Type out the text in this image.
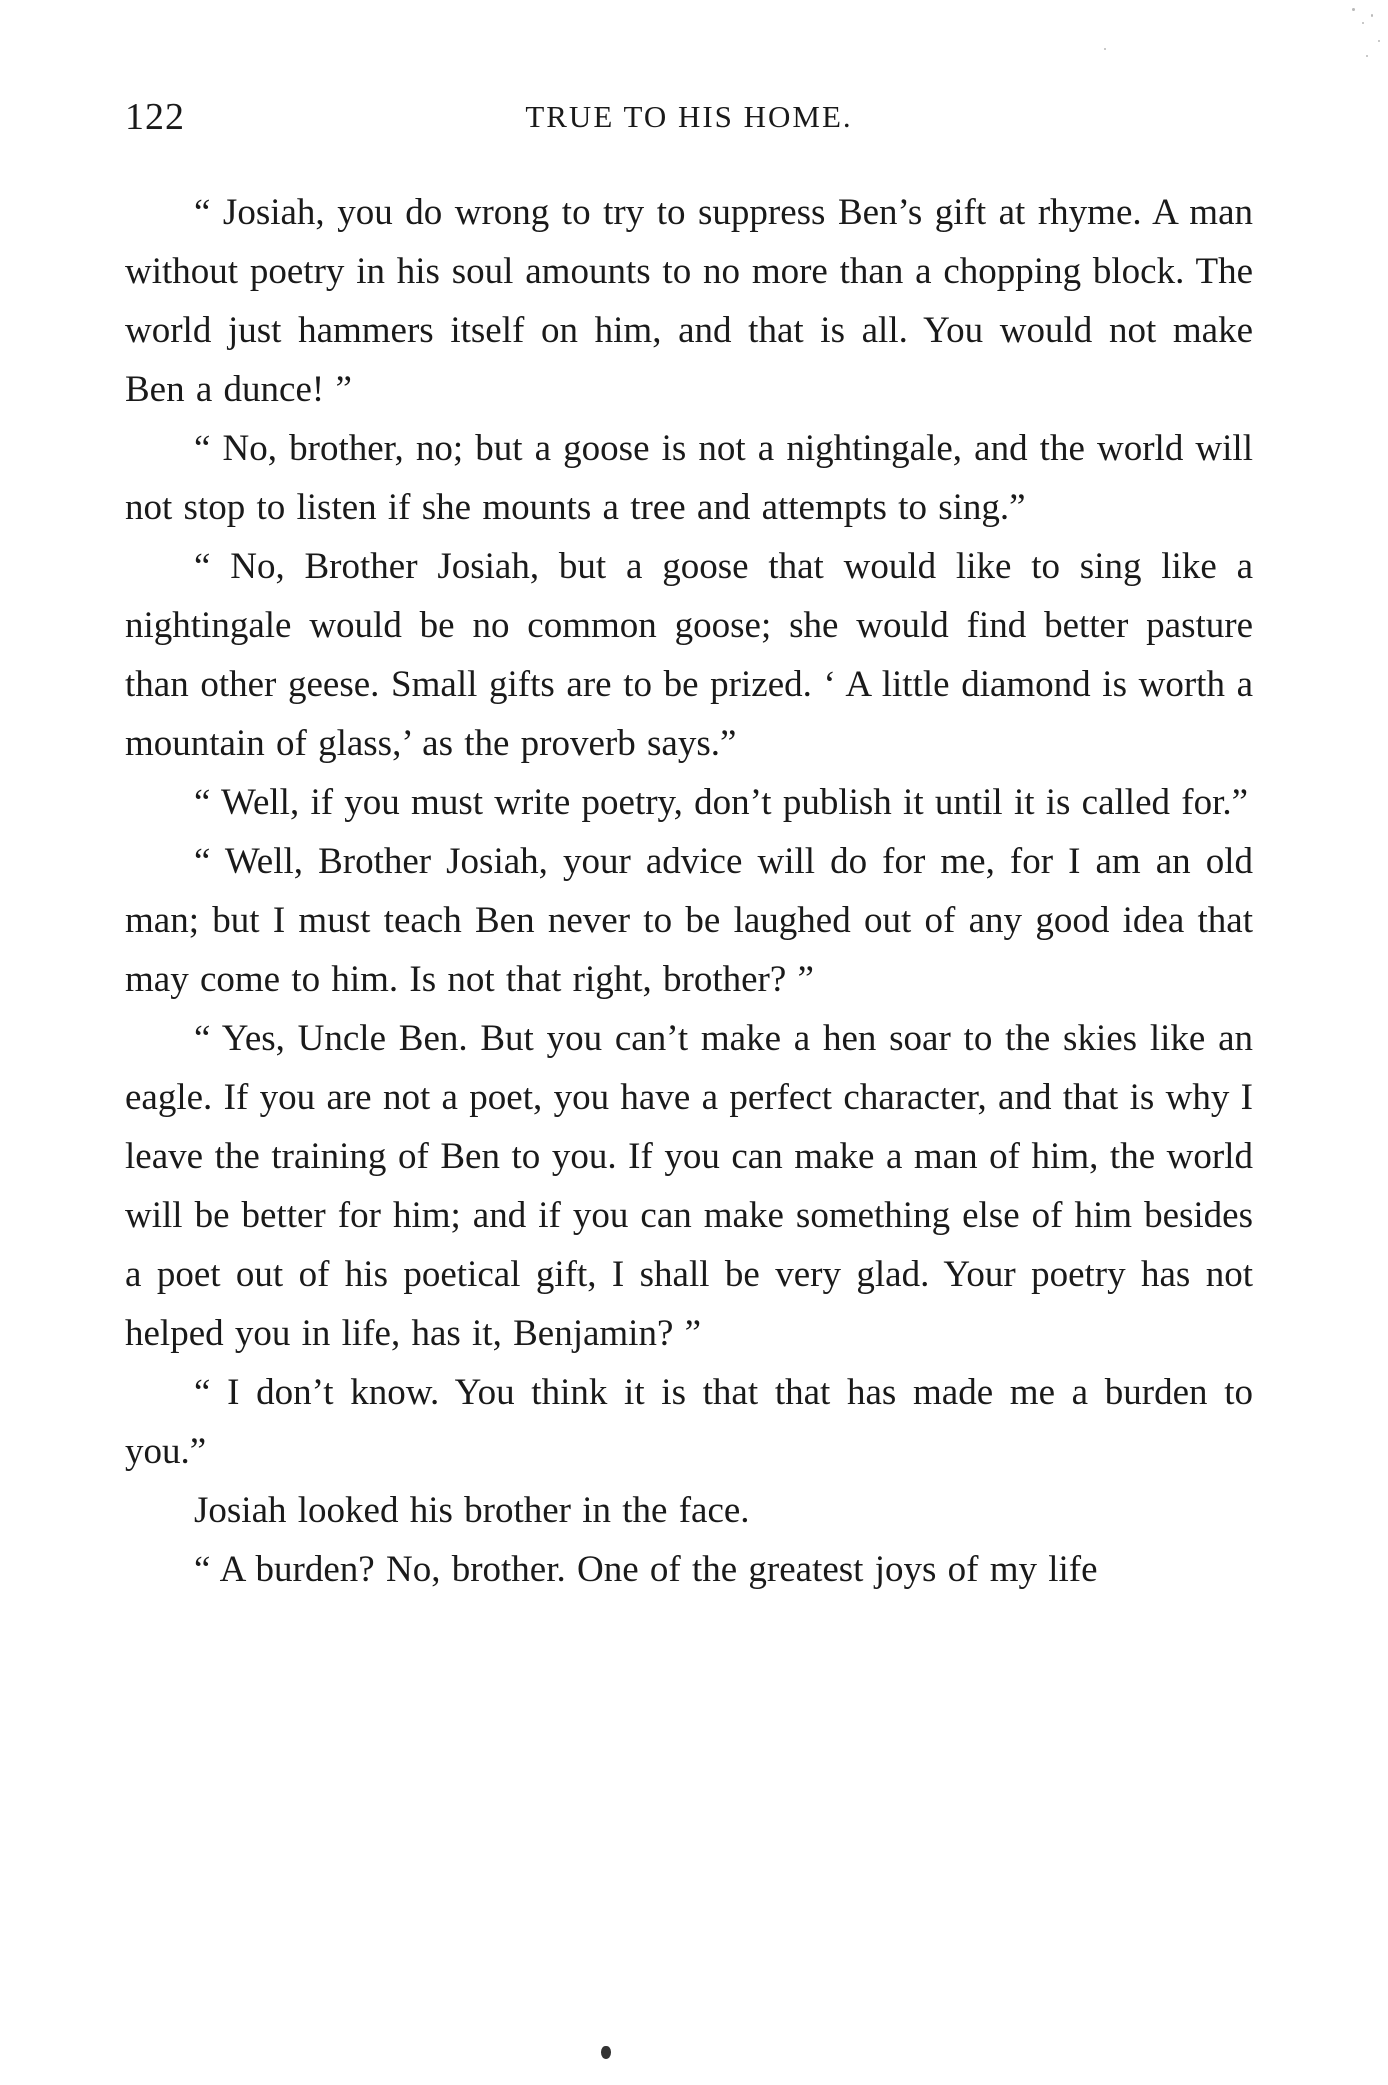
122	TRUE TO HIS HOME.

“ Josiah, you do wrong to try to suppress Ben’s gift at rhyme. A man without poetry in his soul amounts to no more than a chopping block. The world just hammers itself on him, and that is all. You would not make Ben a dunce! ”

“ No, brother, no; but a goose is not a nightingale, and the world will not stop to listen if she mounts a tree and attempts to sing.”

“ No, Brother Josiah, but a goose that would like to sing like a nightingale would be no common goose; she would find better pasture than other geese. Small gifts are to be prized. ‘ A little diamond is worth a mountain of glass,’ as the proverb says.”

“ Well, if you must write poetry, don’t publish it until it is called for.”

“ Well, Brother Josiah, your advice will do for me, for I am an old man; but I must teach Ben never to be laughed out of any good idea that may come to him. Is not that right, brother? ”

“ Yes, Uncle Ben. But you can’t make a hen soar to the skies like an eagle. If you are not a poet, you have a perfect character, and that is why I leave the training of Ben to you. If you can make a man of him, the world will be better for him; and if you can make something else of him besides a poet out of his poetical gift, I shall be very glad. Your poetry has not helped you in life, has it, Benjamin? ”

“ I don’t know. You think it is that that has made me a burden to you.”

Josiah looked his brother in the face.

“ A burden? No, brother. One of the greatest joys of my life
